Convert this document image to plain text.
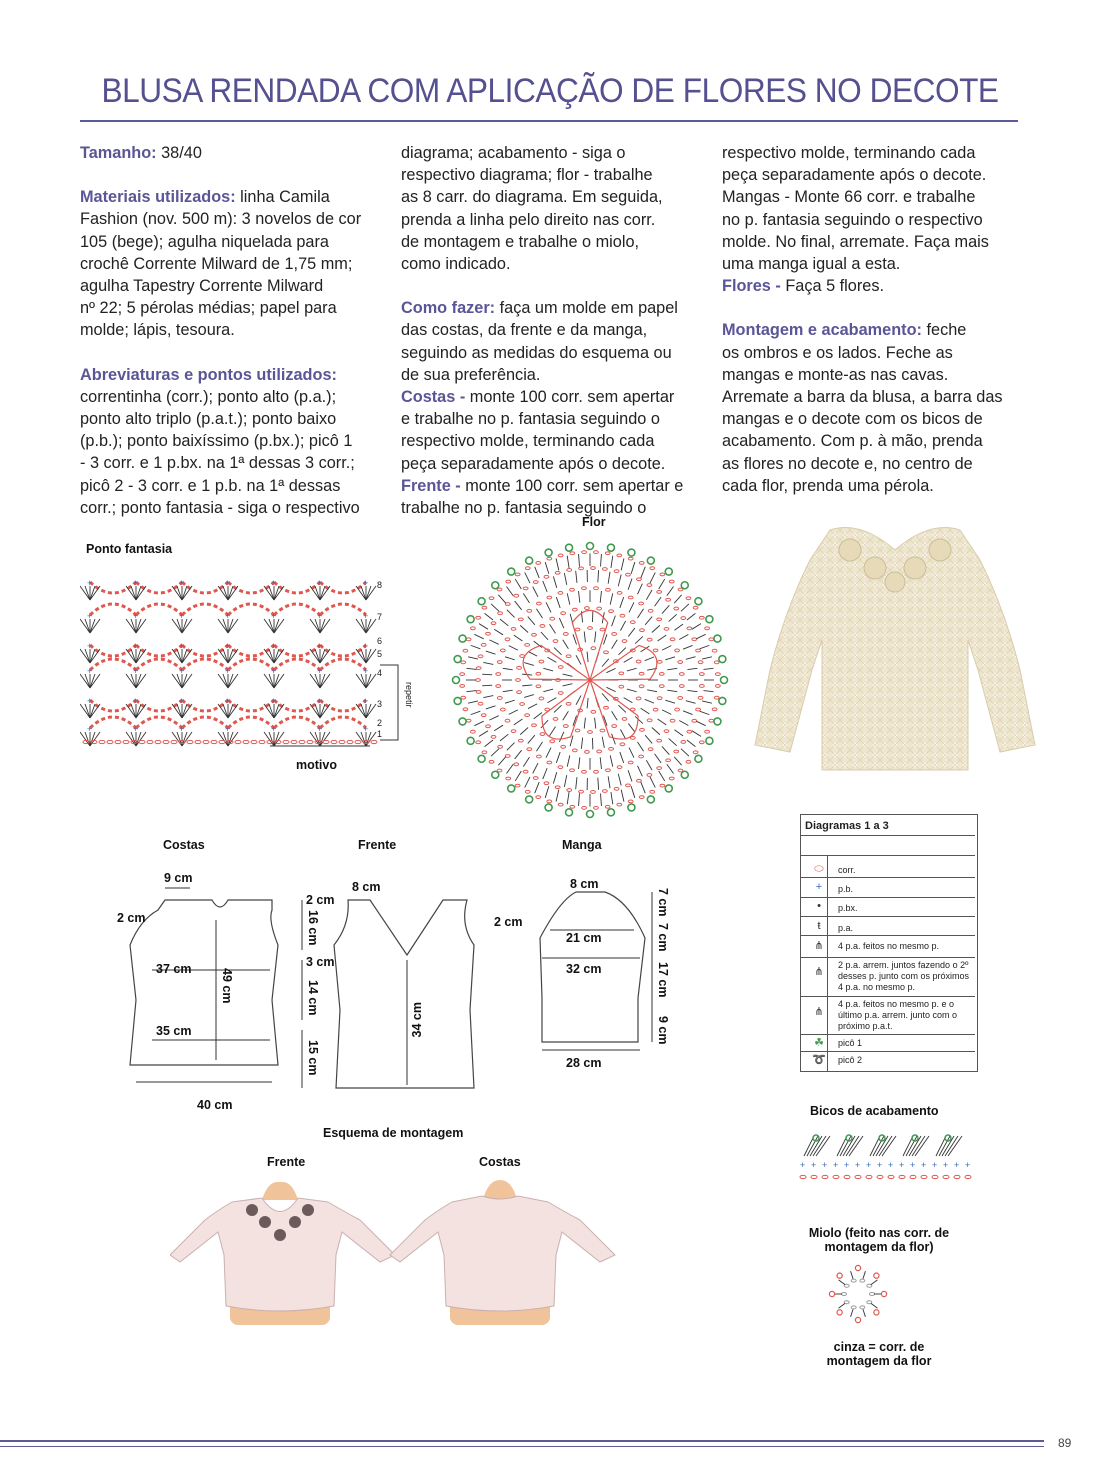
BLUSA RENDADA COM APLICAÇÃO DE FLORES NO DECOTE

Tamanho: 38/40

Materiais utilizados: linha Camila
Fashion (nov. 500 m): 3 novelos de cor
105 (bege); agulha niquelada para
crochê Corrente Milward de 1,75 mm;
agulha Tapestry Corrente Milward
nº 22; 5 pérolas médias; papel para
molde; lápis, tesoura.

Abreviaturas e pontos utilizados:
correntinha (corr.); ponto alto (p.a.);
ponto alto triplo (p.a.t.); ponto baixo
(p.b.); ponto baixíssimo (p.bx.); picô 1
- 3 corr. e 1 p.bx. na 1ª dessas 3 corr.;
picô 2 - 3 corr. e 1 p.b. na 1ª dessas
corr.; ponto fantasia - siga o respectivo

diagrama; acabamento - siga o
respectivo diagrama; flor - trabalhe
as 8 carr. do diagrama. Em seguida,
prenda a linha pelo direito nas corr.
de montagem e trabalhe o miolo,
como indicado.

Como fazer: faça um molde em papel
das costas, da frente e da manga,
seguindo as medidas do esquema ou
de sua preferência.
Costas - monte 100 corr. sem apertar
e trabalhe no p. fantasia seguindo o
respectivo molde, terminando cada
peça separadamente após o decote.
Frente - monte 100 corr. sem apertar e
trabalhe no p. fantasia seguindo o

respectivo molde, terminando cada
peça separadamente após o decote.
Mangas - Monte 66 corr. e trabalhe
no p. fantasia seguindo o respectivo
molde. No final, arremate. Faça mais
uma manga igual a esta.
Flores - Faça 5 flores.

Montagem e acabamento: feche
os ombros e os lados. Feche as
mangas e monte-as nas cavas.
Arremate a barra da blusa, a barra das
mangas e o decote com os bicos de
acabamento. Com p. à mão, prenda
as flores no decote e, no centro de
cada flor, prenda uma pérola.

Ponto fantasia
+	+	+	+	+	+	+
+	+	+	+	+	+	+
+	+	+	+	+	+	+
+	+	+	+	+	+	+
+	+	+	+	+	+	+
+	+	+	+	+	+	+
8
7
6
5
4
3
2
1
repetir
motivo
Flor
Costas	Frente	Manga
9 cm
2 cm
37 cm 49 cm
35 cm
40 cm
2 cm
16 cm
3 cm
14 cm
15 cm
8 cm
34 cm
8 cm
2 cm
21 cm
32 cm
28 cm
7 cm
7 cm
17 cm
9 cm
Diagramas 1 a 3
⬭	corr.
+	p.b.
•	p.bx.
ŧ	p.a.
⋔	4 p.a. feitos no mesmo p.
⋔
2 p.a. arrem. juntos fazendo o 2º desses p. junto com os próximos 4 p.a. no mesmo p.
⋔
4 p.a. feitos no mesmo p. e o último p.a. arrem. junto com o próximo p.a.t.
☘	picô 1
➰	picô 2
Bicos de acabamento
+ + + + + + + + + + + + + + + +
Miolo (feito nas corr. de
montagem da flor)
cinza = corr. de
montagem da flor
Esquema de montagem
Frente	Costas
89
